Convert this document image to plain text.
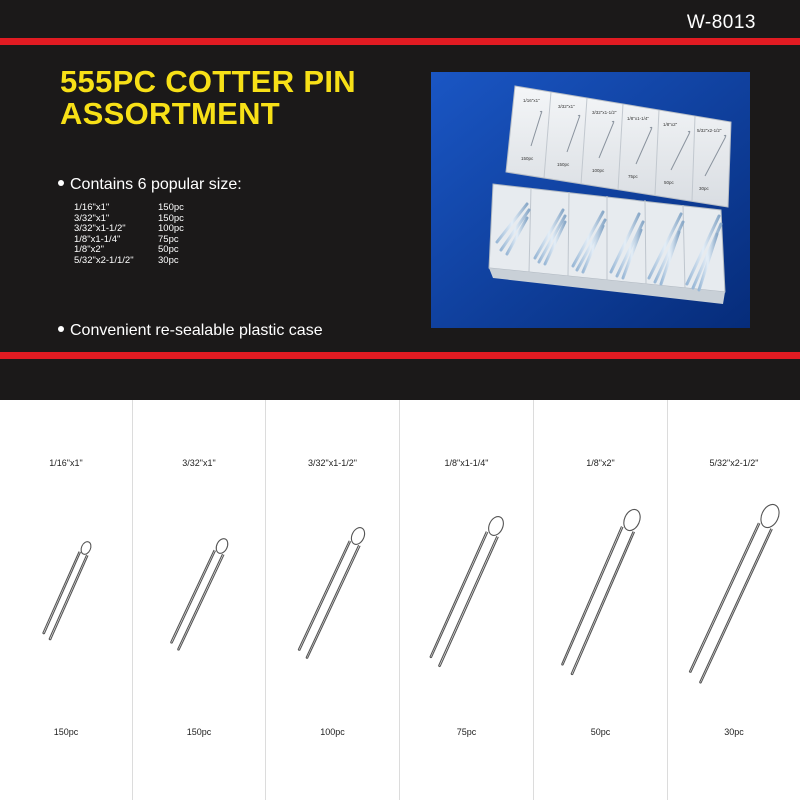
W-8013
555PC COTTER PIN
ASSORTMENT
Contains 6 popular size:
1/16"x1"	150pc
3/32"x1"	150pc
3/32"x1-1/2"	100pc
1/8"x1-1/4"	75pc
1/8"x2"	50pc
5/32"x2-1/1/2"	30pc
Convenient re-sealable plastic case
1/16"x1"
3/32"x1"
3/32"x1-1/2"
1/8"x1-1/4"
1/8"x2"
5/32"x2-1/2"
150pc
150pc
100pc
75pc
50pc
30pc
1/16"x1"
150pc
3/32"x1"
150pc
3/32"x1-1/2"
100pc
1/8"x1-1/4"
75pc
1/8"x2"
50pc
5/32"x2-1/2"
30pc
